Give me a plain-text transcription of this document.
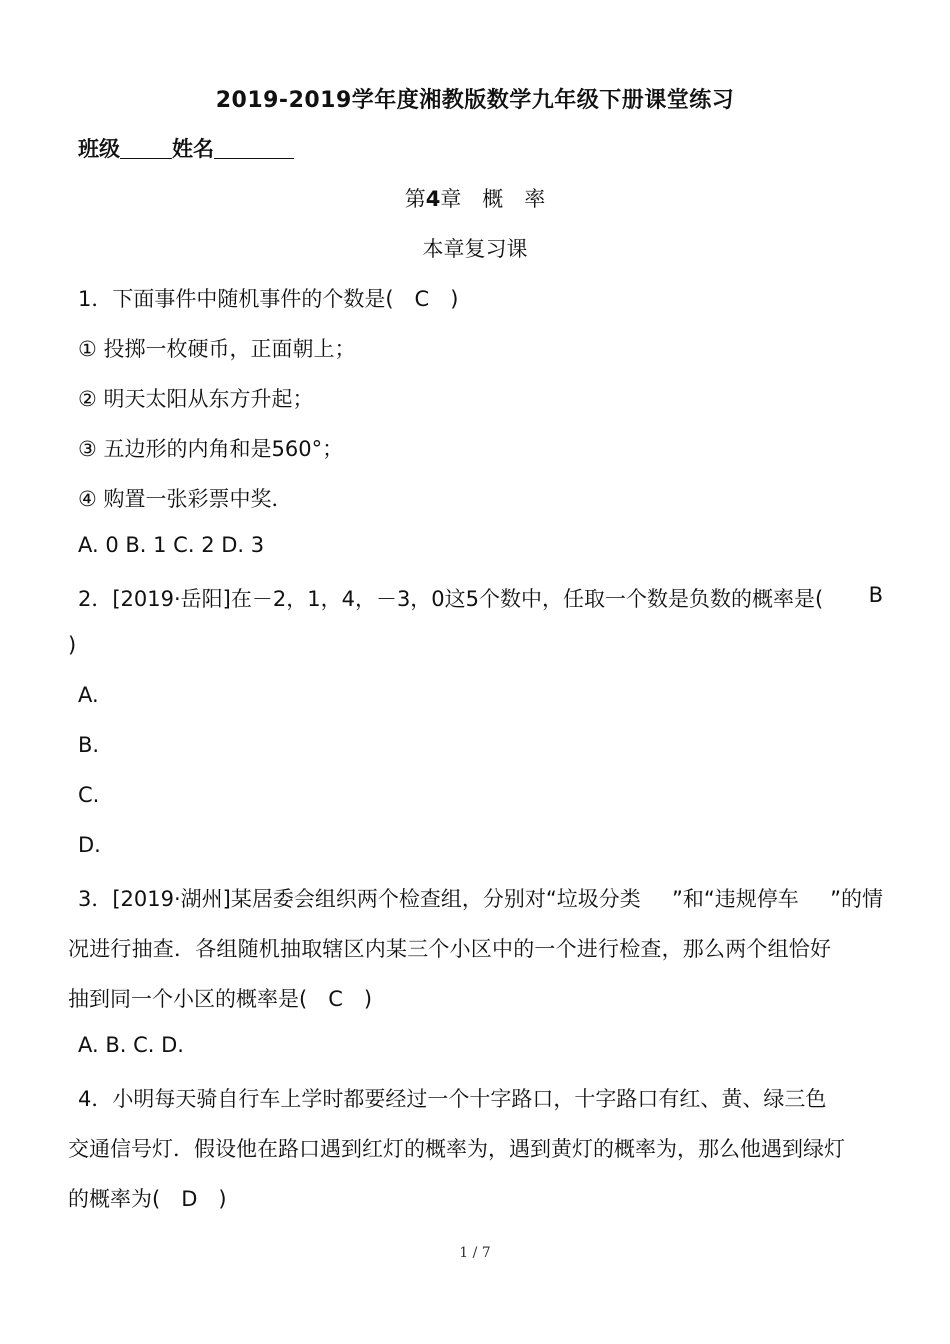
2019-2019学年度湘教版数学九年级下册课堂练习
班级 姓名
第4章　概　率
本章复习课
1．下面事件中随机事件的个数是(　C　)
① 投掷一枚硬币，正面朝上；
② 明天太阳从东方升起；
③ 五边形的内角和是560°；
④ 购置一张彩票中奖．
A. 0 B. 1 C. 2 D. 3
2．[2019·岳阳]在－2，1，4，－3，0这5个数中，任取一个数是负数的概率是( B
)
A.
B.
C.
D.
3．[2019·湖州]某居委会组织两个检查组，分别对“垃圾分类 ”和“违规停车 ”的情
况进行抽查．各组随机抽取辖区内某三个小区中的一个进行检查，那么两个组恰好
抽到同一个小区的概率是(　C　)
A. B. C. D.
4．小明每天骑自行车上学时都要经过一个十字路口，十字路口有红、黄、绿三色
交通信号灯．假设他在路口遇到红灯的概率为，遇到黄灯的概率为，那么他遇到绿灯
的概率为(　D　)
1 / 7
